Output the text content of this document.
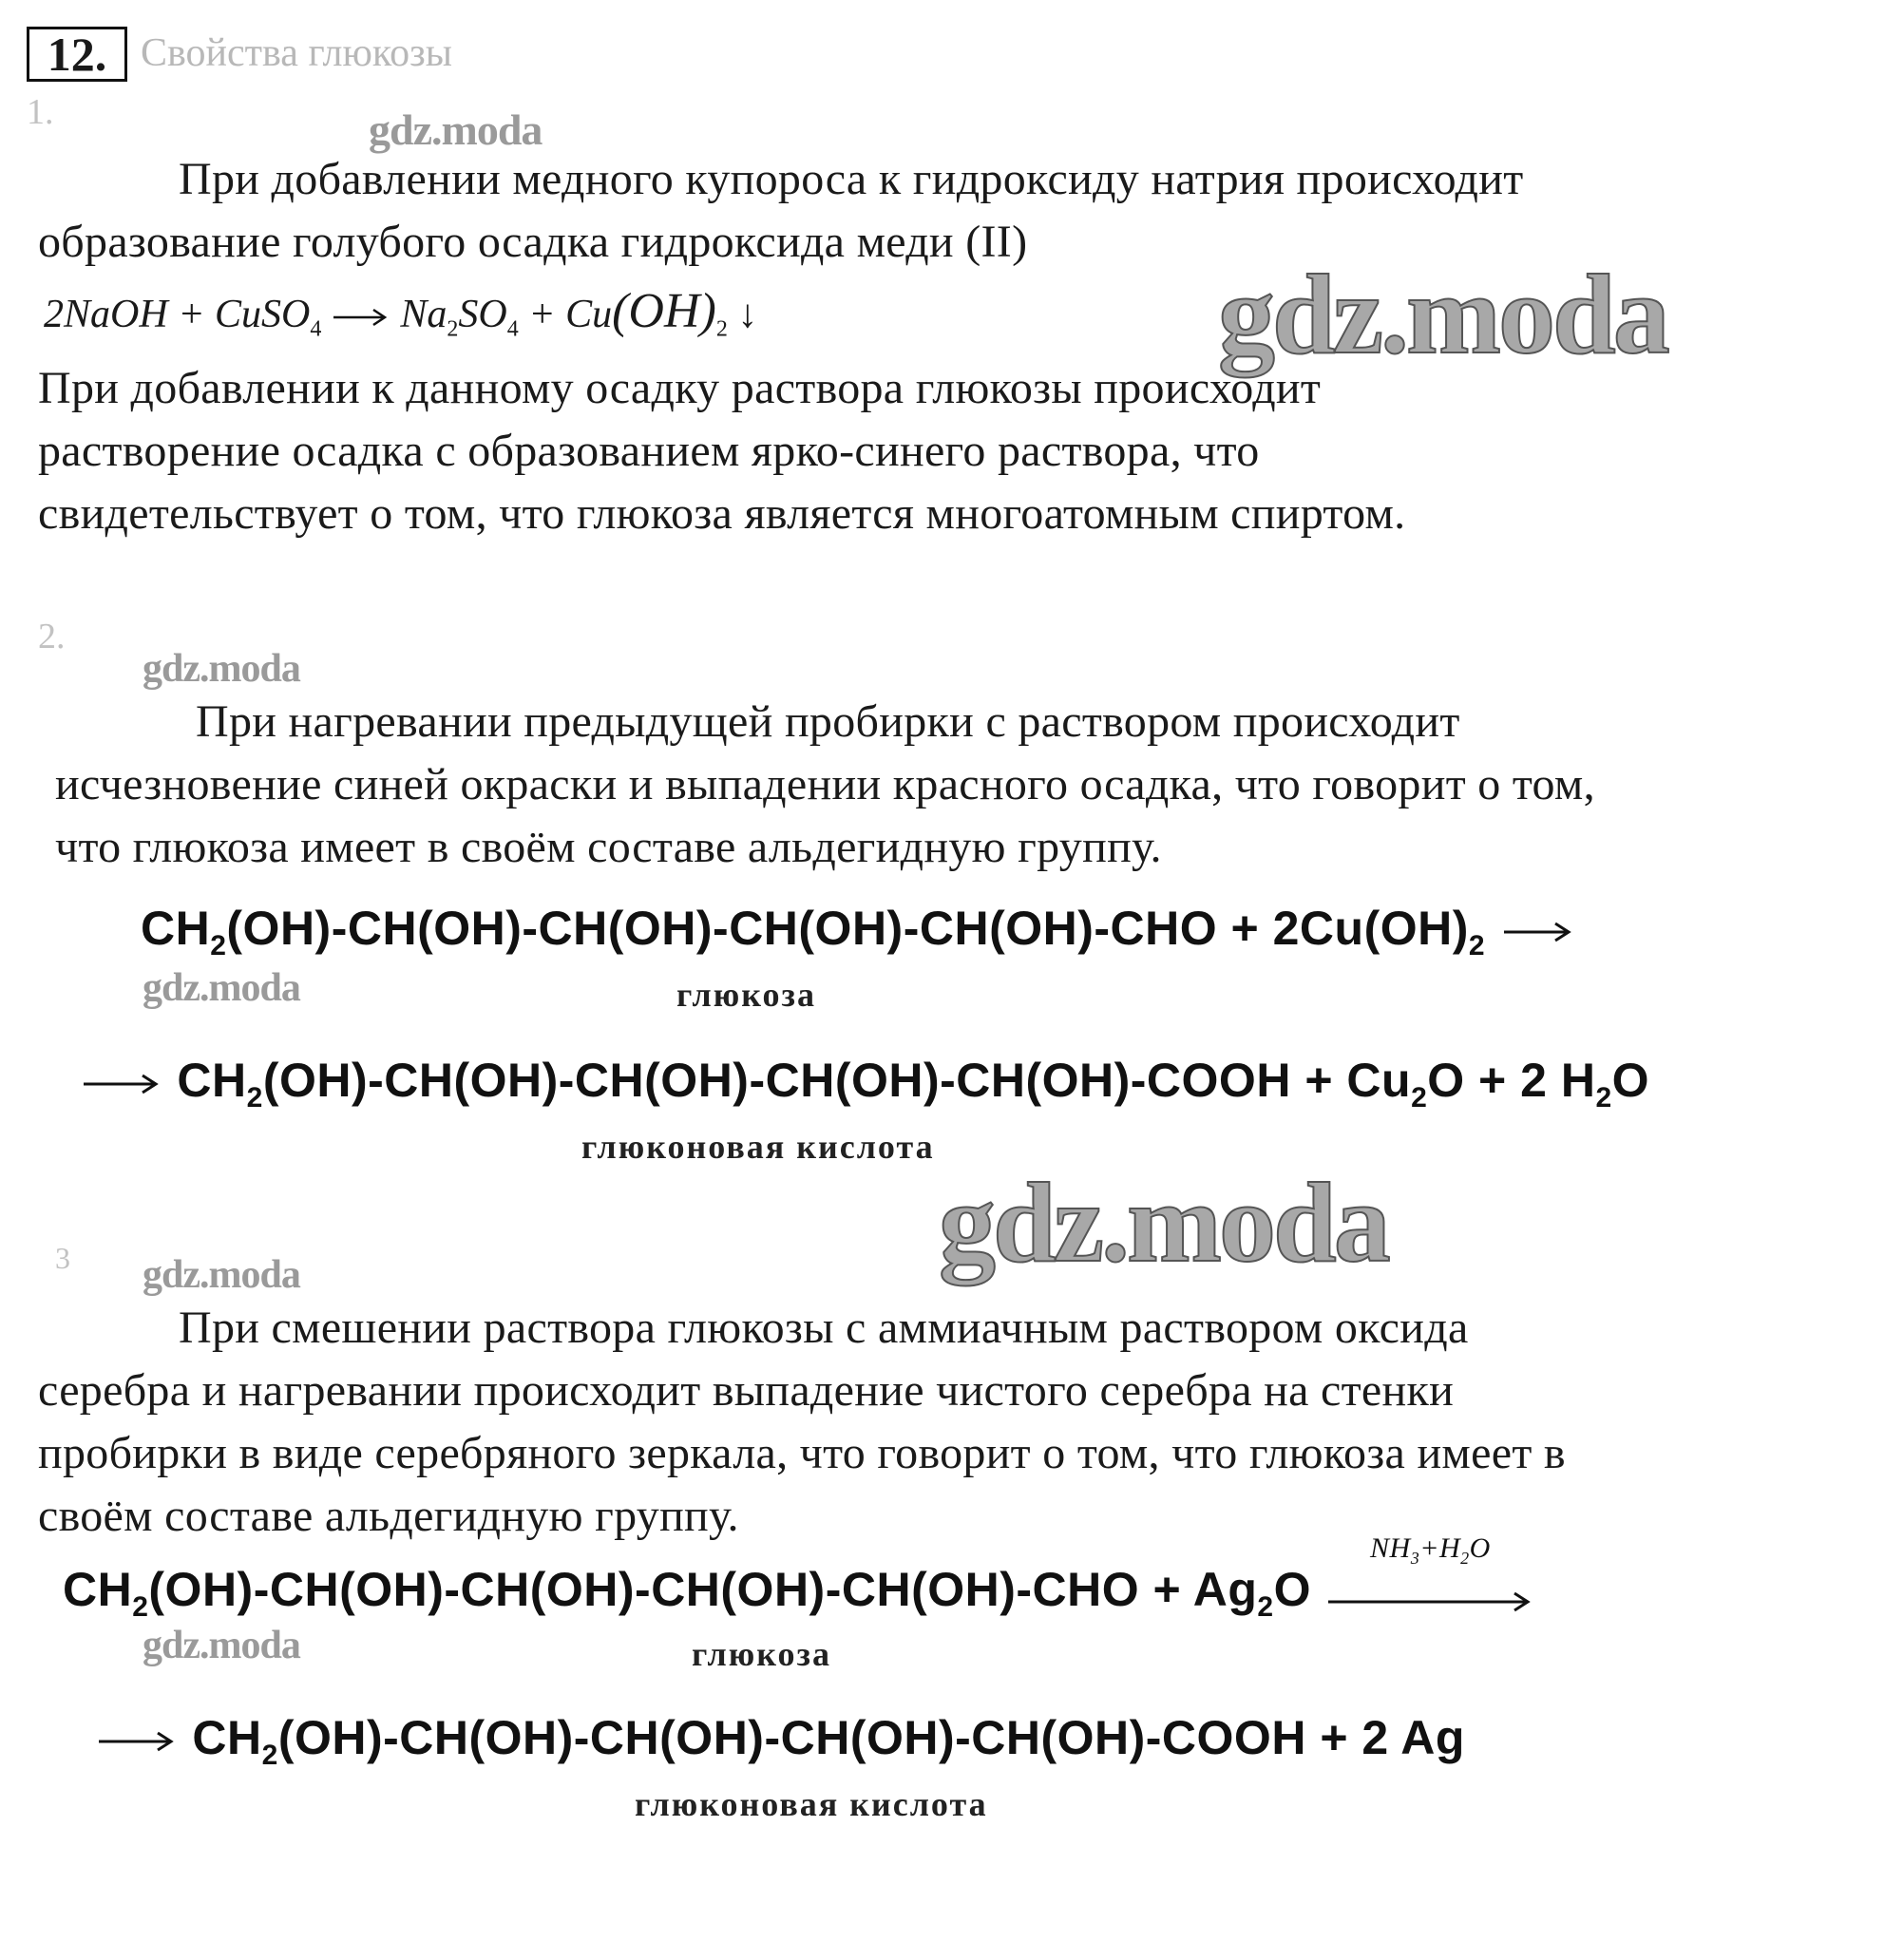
12. Свойства глюкозы
gdz.moda
gdz.moda
gdz.moda
gdz.moda
gdz.moda
gdz.moda
gdz.moda
1.
При добавлении медного купороса к гидроксиду натрия происходит
образование голубого осадка гидроксида меди (II)
2NaOH + CuSO$_4$ → $Na_2SO_4 + Cu(OH)_2$ ↓
При добавлении к данному осадку раствора глюкозы происходит
растворение осадка с образованием ярко-синего раствора, что
свидетельствует о том, что глюкоза является многоатомным спиртом.
2.
При нагревании предыдущей пробирки с раствором происходит
исчезновение синей окраски и выпадении красного осадка, что говорит о том,
что глюкоза имеет в своём составе альдегидную группу.
$CH_2(OH)-CH(OH)-CH(OH)-CH(OH)-CH(OH)$-CHO + $2Cu(OH)_2$ →
глюкоза
→ $CH_2(OH)-CH(OH)-CH(OH)-CH(OH)-CH(OH)$-COOH + $Cu_2O + 2$ $H_2O$
глюконовая кислота
3
При смешении раствора глюкозы с аммиачным раствором оксида
серебра и нагревании происходит выпадение чистого серебра на стенки
пробирки в виде серебряного зеркала, что говорит о том, что глюкоза имеет в
своём составе альдегидную группу.
$CH_2(OH)-CH(OH)-CH(OH)-CH(OH)-CH(OH)$-CHO + $Ag_2O$
$NH_3+H_2O$
глюкоза
→ $CH_2(OH)-CH(OH)-CH(OH)-CH(OH)-CH(OH)$-COOH + 2 Ag
глюконовая кислота
